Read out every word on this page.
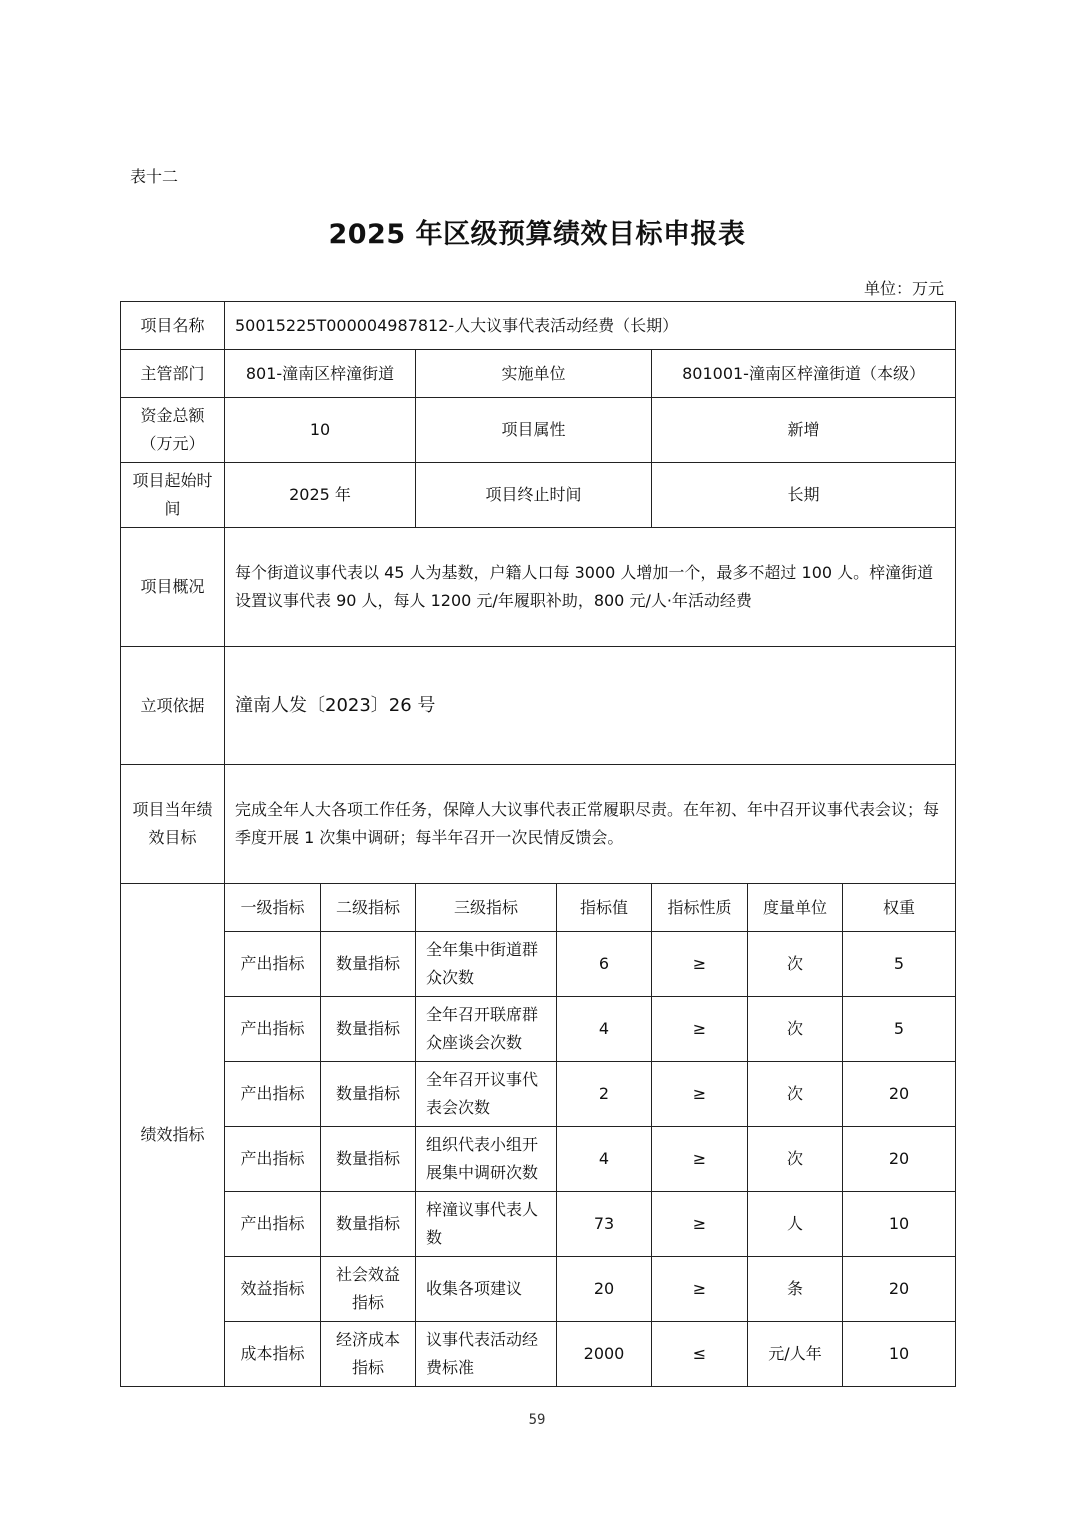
表十二
2025 年区级预算绩效目标申报表
单位：万元
项目名称	50015225T000004987812-人大议事代表活动经费（长期）						
主管部门	801-潼南区梓潼街道		实施单位		801001-潼南区梓潼街道（本级）		
资金总额（万元）	10		项目属性		新增		
项目起始时间	2025 年		项目终止时间		长期		
项目概况	每个街道议事代表以 45 人为基数，户籍人口每 3000 人增加一个，最多不超过 100 人。梓潼街道设置议事代表 90 人，每人 1200 元/年履职补助，800 元/人·年活动经费						
立项依据	潼南人发〔2023〕26 号						
项目当年绩效目标	完成全年人大各项工作任务，保障人大议事代表正常履职尽责。在年初、年中召开议事代表会议；每季度开展 1 次集中调研；每半年召开一次民情反馈会。						
绩效指标	一级指标	二级指标	三级指标	指标值	指标性质	度量单位	权重
	产出指标	数量指标	全年集中街道群众次数	6	≥	次	5
	产出指标	数量指标	全年召开联席群众座谈会次数	4	≥	次	5
	产出指标	数量指标	全年召开议事代表会次数	2	≥	次	20
	产出指标	数量指标	组织代表小组开展集中调研次数	4	≥	次	20
	产出指标	数量指标	梓潼议事代表人数	73	≥	人	10
	效益指标	社会效益指标	收集各项建议	20	≥	条	20
	成本指标	经济成本指标	议事代表活动经费标准	2000	≤	元/人年	10
59
